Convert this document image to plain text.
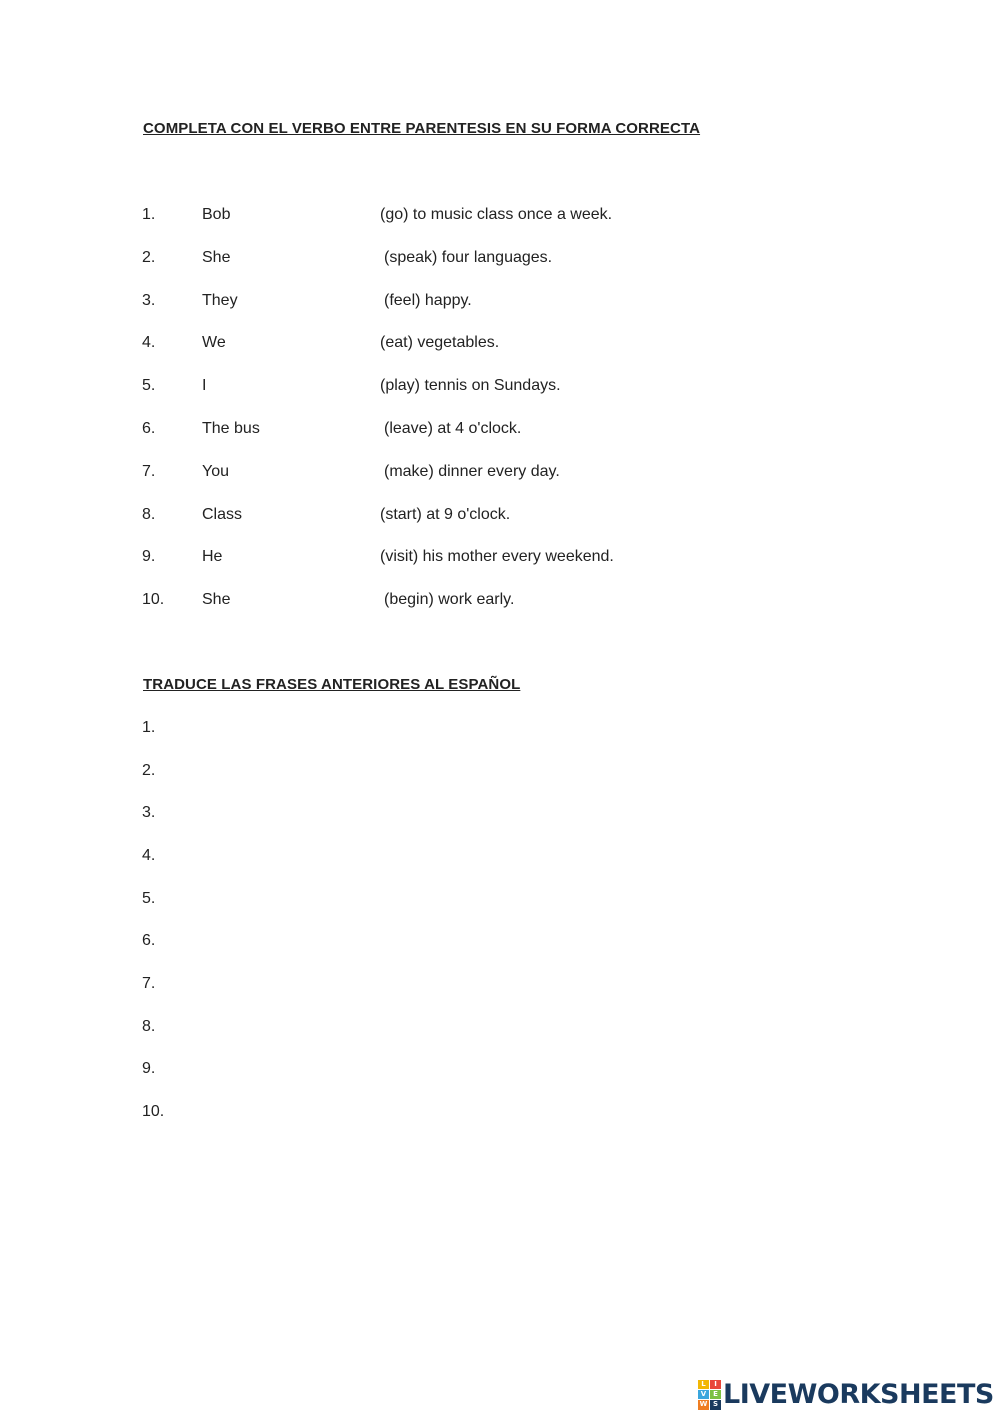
COMPLETA CON EL VERBO ENTRE PARENTESIS EN SU FORMA CORRECTA
1.	Bob	(go) to music class once a week.
2.	She	(speak) four languages.
3.	They	(feel) happy.
4.	We	(eat) vegetables.
5.	I	(play) tennis on Sundays.
6.	The bus	(leave) at 4 o'clock.
7.	You	(make) dinner every day.
8.	Class	(start) at 9 o'clock.
9.	He	(visit) his mother every weekend.
10. She	(begin) work early.
TRADUCE LAS FRASES ANTERIORES AL ESPAÑOL
1.
2.
3.
4.
5.
6.
7.
8.
9.
10.
L	I
V E
W S LIVEWORKSHEETS
